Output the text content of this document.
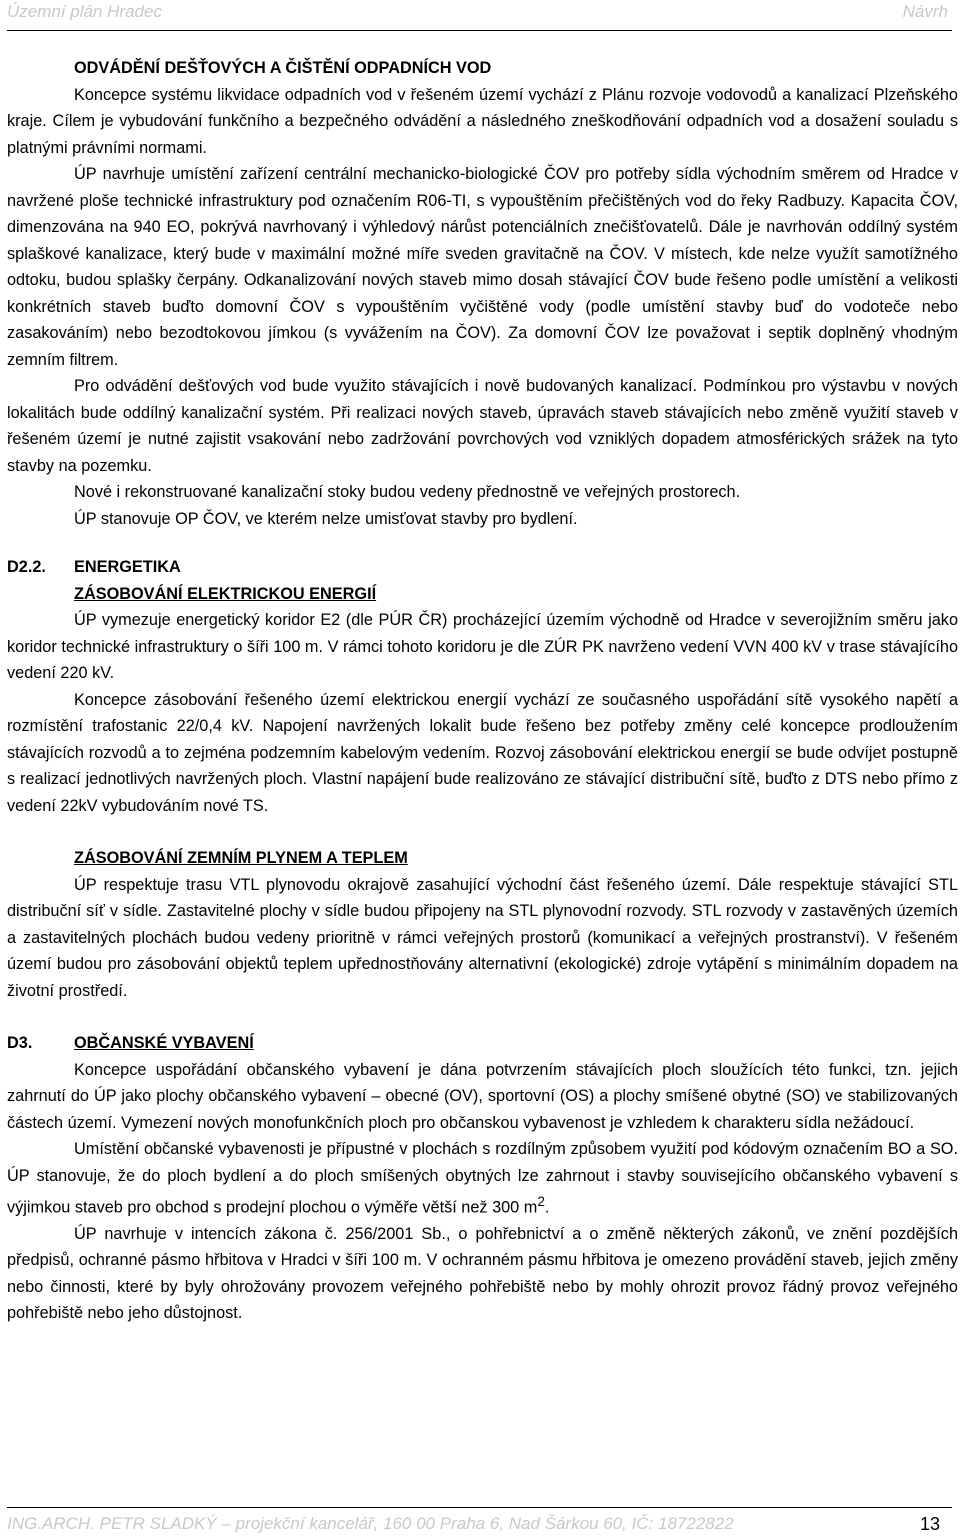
Územní plán Hradec	Návrh

ODVÁDĚNÍ DEŠŤOVÝCH A ČIŠTĚNÍ ODPADNÍCH VOD

Koncepce systému likvidace odpadních vod v řešeném území vychází z Plánu rozvoje vodovodů a kanalizací Plzeňského kraje. Cílem je vybudování funkčního a bezpečného odvádění a následného zneškodňování odpadních vod a dosažení souladu s platnými právními normami.

ÚP navrhuje umístění zařízení centrální mechanicko-biologické ČOV pro potřeby sídla východním směrem od Hradce v navržené ploše technické infrastruktury pod označením R06-TI, s vypouštěním přečištěných vod do řeky Radbuzy. Kapacita ČOV, dimenzována na 940 EO, pokrývá navrhovaný i výhledový nárůst potenciálních znečišťovatelů. Dále je navrhován oddílný systém splaškové kanalizace, který bude v maximální možné míře sveden gravitačně na ČOV. V místech, kde nelze využít samotížného odtoku, budou splašky čerpány. Odkanalizování nových staveb mimo dosah stávající ČOV bude řešeno podle umístění a velikosti konkrétních staveb buďto domovní ČOV s vypouštěním vyčištěné vody (podle umístění stavby buď do vodoteče nebo zasakováním) nebo bezodtokovou jímkou (s vyvážením na ČOV). Za domovní ČOV lze považovat i septik doplněný vhodným zemním filtrem.

Pro odvádění dešťových vod bude využito stávajících i nově budovaných kanalizací. Podmínkou pro výstavbu v nových lokalitách bude oddílný kanalizační systém. Při realizaci nových staveb, úpravách staveb stávajících nebo změně využití staveb v řešeném území je nutné zajistit vsakování nebo zadržování povrchových vod vzniklých dopadem atmosférických srážek na tyto stavby na pozemku.

Nové i rekonstruované kanalizační stoky budou vedeny přednostně ve veřejných prostorech.

ÚP stanovuje OP ČOV, ve kterém nelze umisťovat stavby pro bydlení.

D2.2. ENERGETIKA

ZÁSOBOVÁNÍ ELEKTRICKOU ENERGIÍ

ÚP vymezuje energetický koridor E2 (dle PÚR ČR) procházející územím východně od Hradce v severojižním směru jako koridor technické infrastruktury o šíři 100 m. V rámci tohoto koridoru je dle ZÚR PK navrženo vedení VVN 400 kV v trase stávajícího vedení 220 kV.

Koncepce zásobování řešeného území elektrickou energií vychází ze současného uspořádání sítě vysokého napětí a rozmístění trafostanic 22/0,4 kV. Napojení navržených lokalit bude řešeno bez potřeby změny celé koncepce prodloužením stávajících rozvodů a to zejména podzemním kabelovým vedením. Rozvoj zásobování elektrickou energií se bude odvíjet postupně s realizací jednotlivých navržených ploch. Vlastní napájení bude realizováno ze stávající distribuční sítě, buďto z DTS nebo přímo z vedení 22kV vybudováním nové TS.

ZÁSOBOVÁNÍ ZEMNÍM PLYNEM A TEPLEM

ÚP respektuje trasu VTL plynovodu okrajově zasahující východní část řešeného území. Dále respektuje stávající STL distribuční síť v sídle. Zastavitelné plochy v sídle budou připojeny na STL plynovodní rozvody. STL rozvody v zastavěných územích a zastavitelných plochách budou vedeny prioritně v rámci veřejných prostorů (komunikací a veřejných prostranství). V řešeném území budou pro zásobování objektů teplem upřednostňovány alternativní (ekologické) zdroje vytápění s minimálním dopadem na životní prostředí.

D3.	OBČANSKÉ VYBAVENÍ

Koncepce uspořádání občanského vybavení je dána potvrzením stávajících ploch sloužících této funkci, tzn. jejich zahrnutí do ÚP jako plochy občanského vybavení – obecné (OV), sportovní (OS) a plochy smíšené obytné (SO) ve stabilizovaných částech území. Vymezení nových monofunkčních ploch pro občanskou vybavenost je vzhledem k charakteru sídla nežádoucí.

Umístění občanské vybavenosti je přípustné v plochách s rozdílným způsobem využití pod kódovým označením BO a SO. ÚP stanovuje, že do ploch bydlení a do ploch smíšených obytných lze zahrnout i stavby souvisejícího občanského vybavení s výjimkou staveb pro obchod s prodejní plochou o výměře větší než 300 $m^2$.

ÚP navrhuje v intencích zákona č. 256/2001 Sb., o pohřebnictví a o změně některých zákonů, ve znění pozdějších předpisů, ochranné pásmo hřbitova v Hradci v šíři 100 m. V ochranném pásmu hřbitova je omezeno provádění staveb, jejich změny nebo činnosti, které by byly ohrožovány provozem veřejného pohřebiště nebo by mohly ohrozit provoz řádný provoz veřejného pohřebiště nebo jeho důstojnost.

ING.ARCH. PETR SLADKÝ – projekční kancelář, 160 00 Praha 6, Nad Šárkou 60, IČ: 18722822	13
